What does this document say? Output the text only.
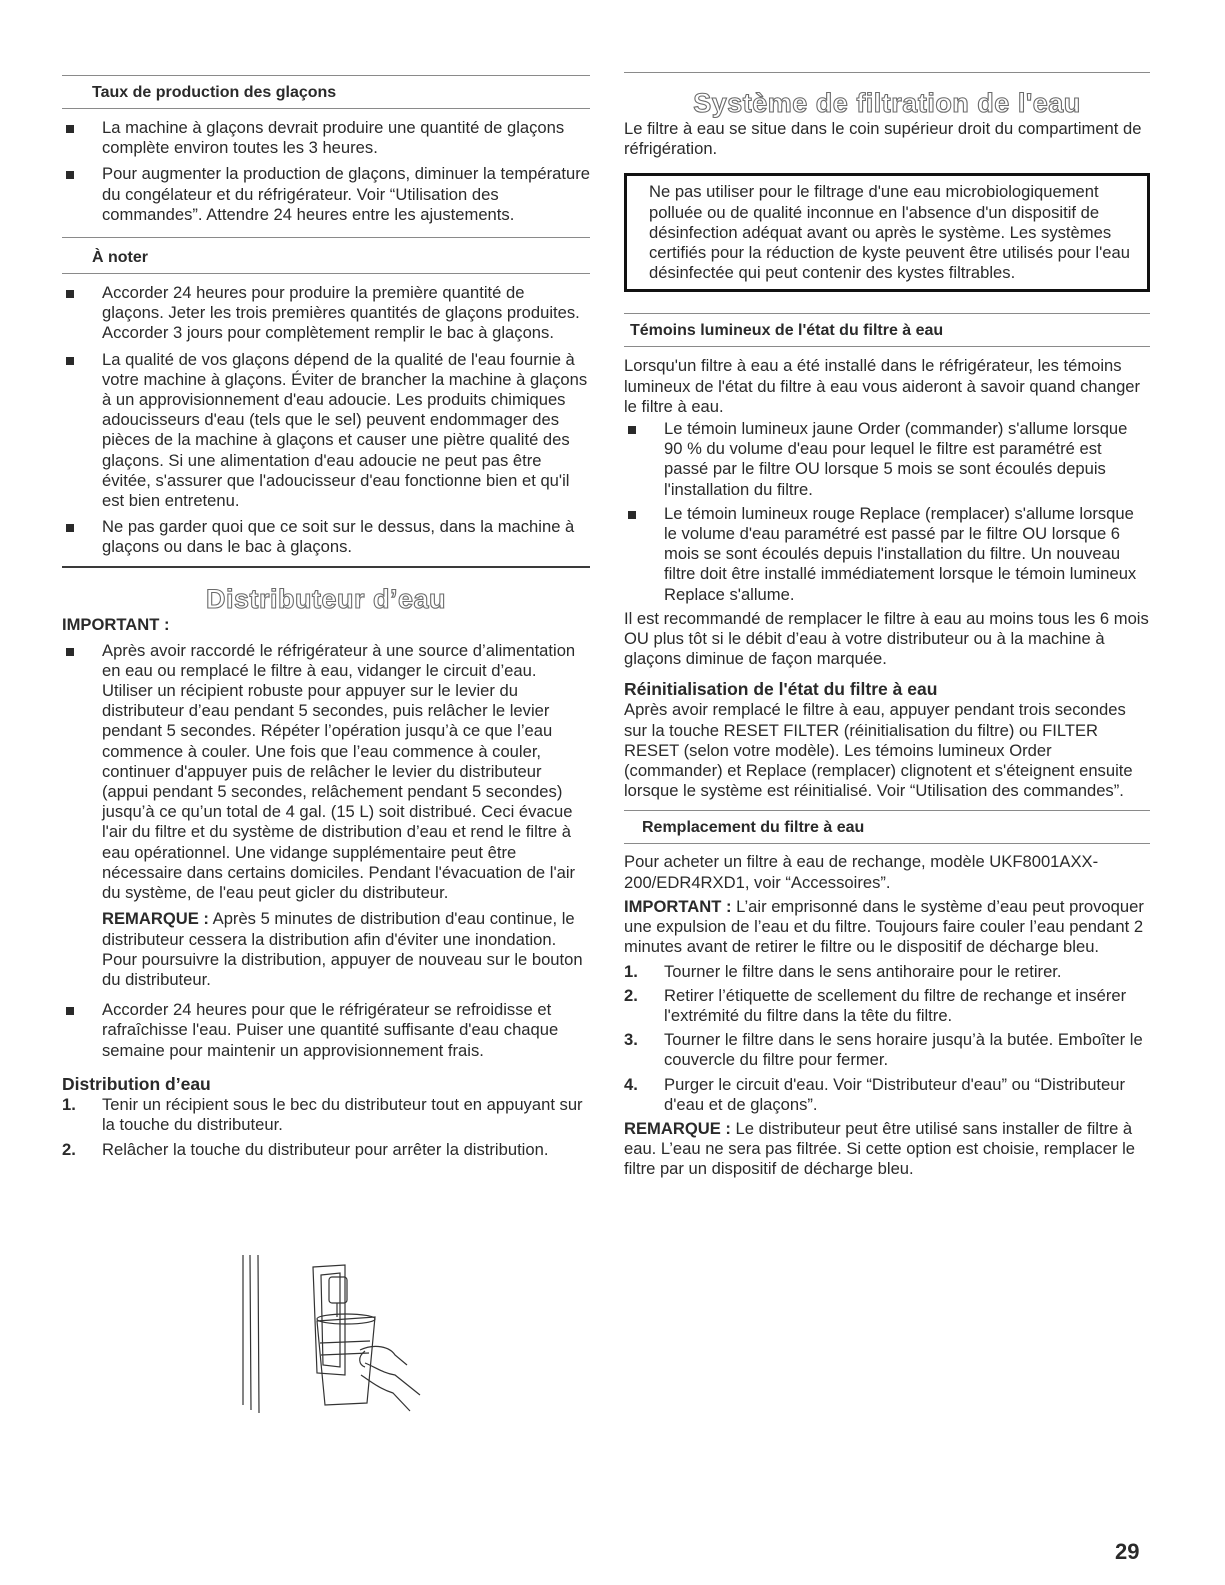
Taux de production des glaçons
La machine à glaçons devrait produire une quantité de glaçons complète environ toutes les 3 heures.
Pour augmenter la production de glaçons, diminuer la température du congélateur et du réfrigérateur. Voir “Utilisation des commandes”. Attendre 24 heures entre les ajustements.
À noter
Accorder 24 heures pour produire la première quantité de glaçons. Jeter les trois premières quantités de glaçons produites. Accorder 3 jours pour complètement remplir le bac à glaçons.
La qualité de vos glaçons dépend de la qualité de l'eau fournie à votre machine à glaçons. Éviter de brancher la machine à glaçons à un approvisionnement d'eau adoucie. Les produits chimiques adoucisseurs d'eau (tels que le sel) peuvent endommager des pièces de la machine à glaçons et causer une piètre qualité des glaçons. Si une alimentation d'eau adoucie ne peut pas être évitée, s'assurer que l'adoucisseur d'eau fonctionne bien et qu'il est bien entretenu.
Ne pas garder quoi que ce soit sur le dessus, dans la machine à glaçons ou dans le bac à glaçons.
Distributeur d’eau
IMPORTANT :
Après avoir raccordé le réfrigérateur à une source d’alimentation en eau ou remplacé le filtre à eau, vidanger le circuit d’eau. Utiliser un récipient robuste pour appuyer sur le levier du distributeur d’eau pendant 5 secondes, puis relâcher le levier pendant 5 secondes. Répéter l’opération jusqu’à ce que l’eau commence à couler. Une fois que l’eau commence à couler, continuer d'appuyer puis de relâcher le levier du distributeur (appui pendant 5 secondes, relâchement pendant 5 secondes) jusqu’à ce qu’un total de 4 gal. (15 L) soit distribué. Ceci évacue l'air du filtre et du système de distribution d’eau et rend le filtre à eau opérationnel. Une vidange supplémentaire peut être nécessaire dans certains domiciles. Pendant l'évacuation de l'air du système, de l'eau peut gicler du distributeur.
REMARQUE : Après 5 minutes de distribution d'eau continue, le distributeur cessera la distribution afin d'éviter une inondation. Pour poursuivre la distribution, appuyer de nouveau sur le bouton du distributeur.
Accorder 24 heures pour que le réfrigérateur se refroidisse et rafraîchisse l'eau. Puiser une quantité suffisante d'eau chaque semaine pour maintenir un approvisionnement frais.
Distribution d’eau
1. Tenir un récipient sous le bec du distributeur tout en appuyant sur la touche du distributeur.
2. Relâcher la touche du distributeur pour arrêter la distribution.
Système de filtration de l'eau
Le filtre à eau se situe dans le coin supérieur droit du compartiment de réfrigération.
Ne pas utiliser pour le filtrage d'une eau microbiologiquement polluée ou de qualité inconnue en l'absence d'un dispositif de désinfection adéquat avant ou après le système. Les systèmes certifiés pour la réduction de kyste peuvent être utilisés pour l'eau désinfectée qui peut contenir des kystes filtrables.
Témoins lumineux de l'état du filtre à eau
Lorsqu'un filtre à eau a été installé dans le réfrigérateur, les témoins lumineux de l'état du filtre à eau vous aideront à savoir quand changer le filtre à eau.
Le témoin lumineux jaune Order (commander) s'allume lorsque 90 % du volume d'eau pour lequel le filtre est paramétré est passé par le filtre OU lorsque 5 mois se sont écoulés depuis l'installation du filtre.
Le témoin lumineux rouge Replace (remplacer) s'allume lorsque le volume d'eau paramétré est passé par le filtre OU lorsque 6 mois se sont écoulés depuis l'installation du filtre. Un nouveau filtre doit être installé immédiatement lorsque le témoin lumineux Replace s'allume.
Il est recommandé de remplacer le filtre à eau au moins tous les 6 mois OU plus tôt si le débit d’eau à votre distributeur ou à la machine à glaçons diminue de façon marquée.
Réinitialisation de l'état du filtre à eau
Après avoir remplacé le filtre à eau, appuyer pendant trois secondes sur la touche RESET FILTER (réinitialisation du filtre) ou FILTER RESET (selon votre modèle). Les témoins lumineux Order (commander) et Replace (remplacer) clignotent et s'éteignent ensuite lorsque le système est réinitialisé. Voir “Utilisation des commandes”.
Remplacement du filtre à eau
Pour acheter un filtre à eau de rechange, modèle UKF8001AXX-200/EDR4RXD1, voir “Accessoires”.
IMPORTANT : L’air emprisonné dans le système d’eau peut provoquer une expulsion de l’eau et du filtre. Toujours faire couler l’eau pendant 2 minutes avant de retirer le filtre ou le dispositif de décharge bleu.
1. Tourner le filtre dans le sens antihoraire pour le retirer.
2. Retirer l’étiquette de scellement du filtre de rechange et insérer l'extrémité du filtre dans la tête du filtre.
3. Tourner le filtre dans le sens horaire jusqu’à la butée. Emboîter le couvercle du filtre pour fermer.
4. Purger le circuit d'eau. Voir “Distributeur d'eau” ou “Distributeur d'eau et de glaçons”.
REMARQUE : Le distributeur peut être utilisé sans installer de filtre à eau. L’eau ne sera pas filtrée. Si cette option est choisie, remplacer le filtre par un dispositif de décharge bleu.
29
